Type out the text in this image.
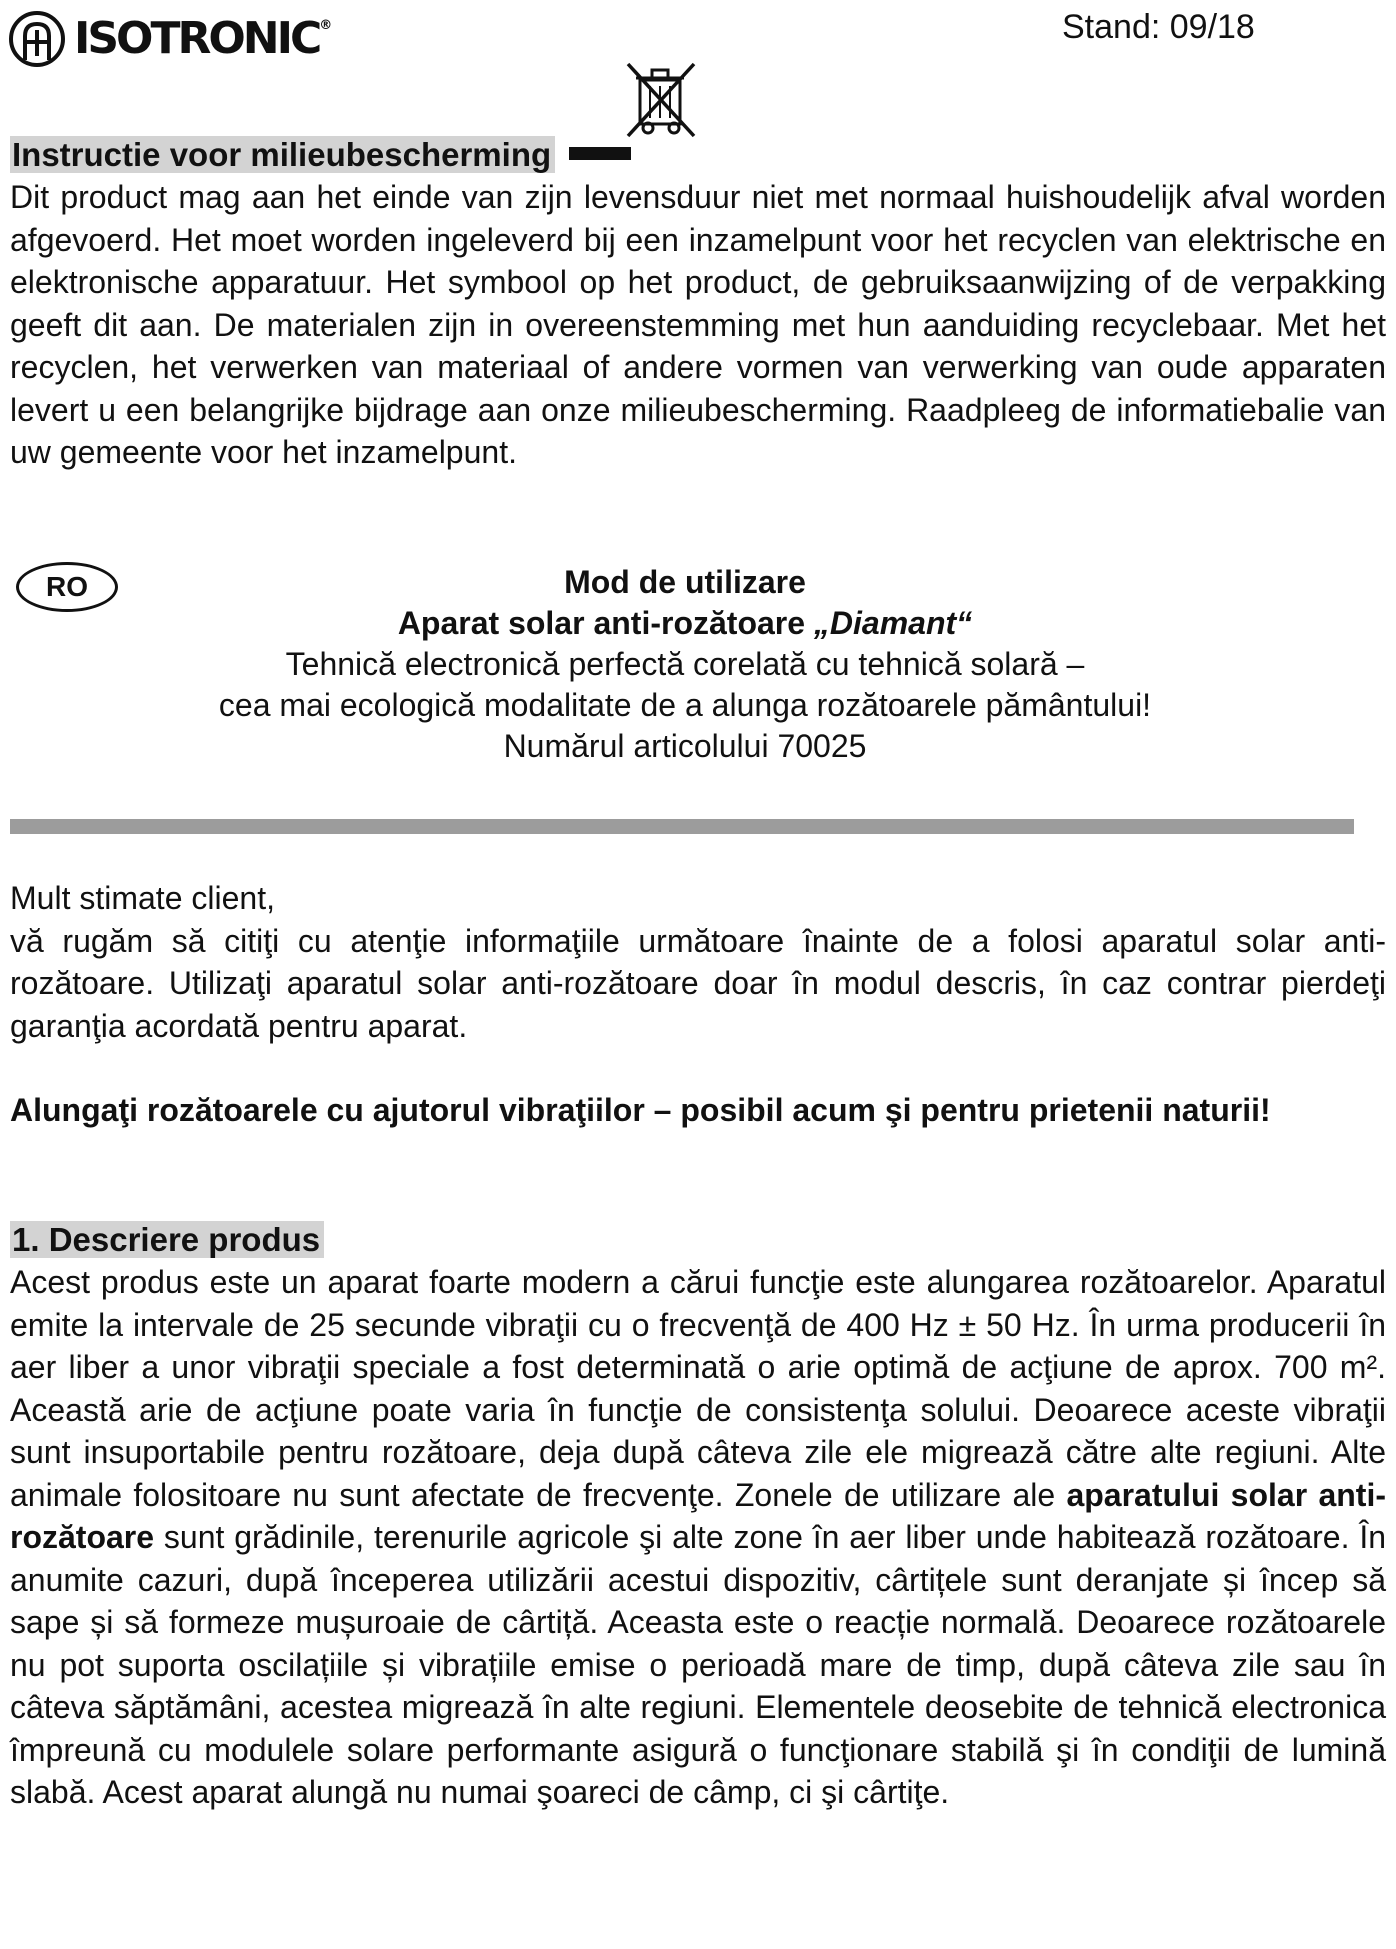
ISOTRONIC®	Stand: 09/18
Instructie voor milieubescherming
Dit product mag aan het einde van zijn levensduur niet met normaal huishoudelijk afval worden afgevoerd. Het moet worden ingeleverd bij een inzamelpunt voor het recyclen van elektrische en elektronische apparatuur. Het symbool op het product, de gebruiksaanwijzing of de verpakking geeft dit aan. De materialen zijn in overeenstemming met hun aanduiding recyclebaar. Met het recyclen, het verwerken van materiaal of andere vormen van verwerking van oude apparaten levert u een belangrijke bijdrage aan onze milieubescherming. Raadpleeg de informatiebalie van uw gemeente voor het inzamelpunt.
RO	Mod de utilizare
Aparat solar anti-rozătoare „Diamant“
Tehnică electronică perfectă corelată cu tehnică solară –
cea mai ecologică modalitate de a alunga rozătoarele pământului!
Numărul articolului 70025
Mult stimate client,
vă rugăm să citiţi cu atenţie informaţiile următoare înainte de a folosi aparatul solar anti-rozătoare. Utilizaţi aparatul solar anti-rozătoare doar în modul descris, în caz contrar pierdeţi garanţia acordată pentru aparat.
Alungaţi rozătoarele cu ajutorul vibraţiilor – posibil acum şi pentru prietenii naturii!
1. Descriere produs
Acest produs este un aparat foarte modern a cărui funcţie este alungarea rozătoarelor. Aparatul emite la intervale de 25 secunde vibraţii cu o frecvenţă de 400 Hz ± 50 Hz. În urma producerii în aer liber a unor vibraţii speciale a fost determinată o arie optimă de acţiune de aprox. 700 m². Această arie de acţiune poate varia în funcţie de consistenţa solului. Deoarece aceste vibraţii sunt insuportabile pentru rozătoare, deja după câteva zile ele migrează către alte regiuni. Alte animale folositoare nu sunt afectate de frecvenţe. Zonele de utilizare ale aparatului solar anti-rozătoare sunt grădinile, terenurile agricole şi alte zone în aer liber unde habitează rozătoare. În anumite cazuri, după începerea utilizării acestui dispozitiv, cârtițele sunt deranjate și încep să sape și să formeze mușuroaie de cârtiță. Aceasta este o reacție normală. Deoarece rozătoarele nu pot suporta oscilațiile și vibrațiile emise o perioadă mare de timp, după câteva zile sau în câteva săptămâni, acestea migrează în alte regiuni. Elementele deosebite de tehnică electronica împreună cu modulele solare performante asigură o funcţionare stabilă şi în condiţii de lumină slabă. Acest aparat alungă nu numai şoareci de câmp, ci şi cârtiţe.
